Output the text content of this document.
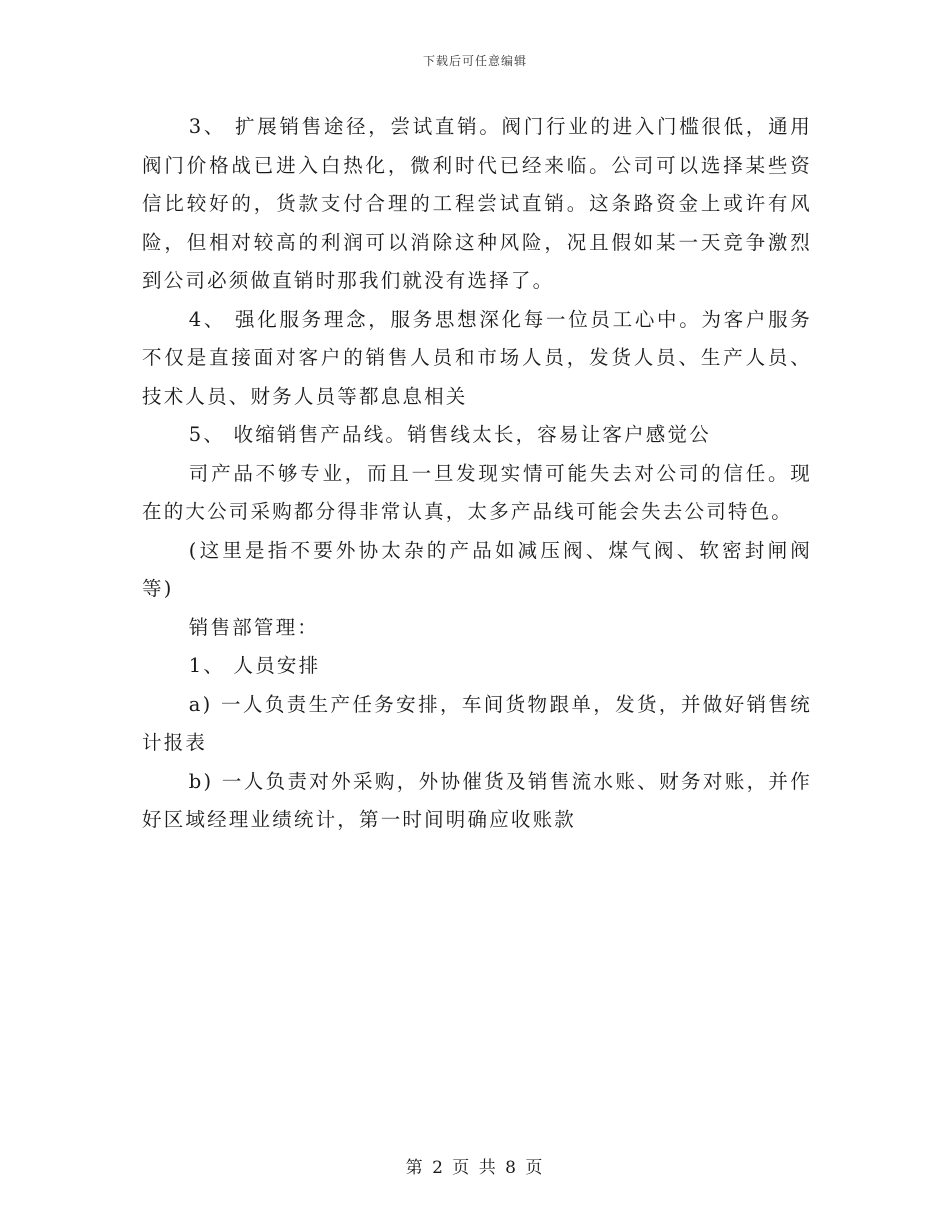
下载后可任意编辑

3、 扩展销售途径，尝试直销。阀门行业的进入门槛很低，通用阀门价格战已进入白热化，微利时代已经来临。公司可以选择某些资信比较好的，货款支付合理的工程尝试直销。这条路资金上或许有风险，但相对较高的利润可以消除这种风险，况且假如某一天竞争激烈到公司必须做直销时那我们就没有选择了。

4、 强化服务理念，服务思想深化每一位员工心中。为客户服务不仅是直接面对客户的销售人员和市场人员，发货人员、生产人员、技术人员、财务人员等都息息相关

5、 收缩销售产品线。销售线太长，容易让客户感觉公

司产品不够专业，而且一旦发现实情可能失去对公司的信任。现在的大公司采购都分得非常认真，太多产品线可能会失去公司特色。

(这里是指不要外协太杂的产品如减压阀、煤气阀、软密封闸阀等)

销售部管理：

1、 人员安排

a) 一人负责生产任务安排，车间货物跟单，发货，并做好销售统计报表

b) 一人负责对外采购，外协催货及销售流水账、财务对账，并作好区域经理业绩统计，第一时间明确应收账款

第 2 页 共 8 页
